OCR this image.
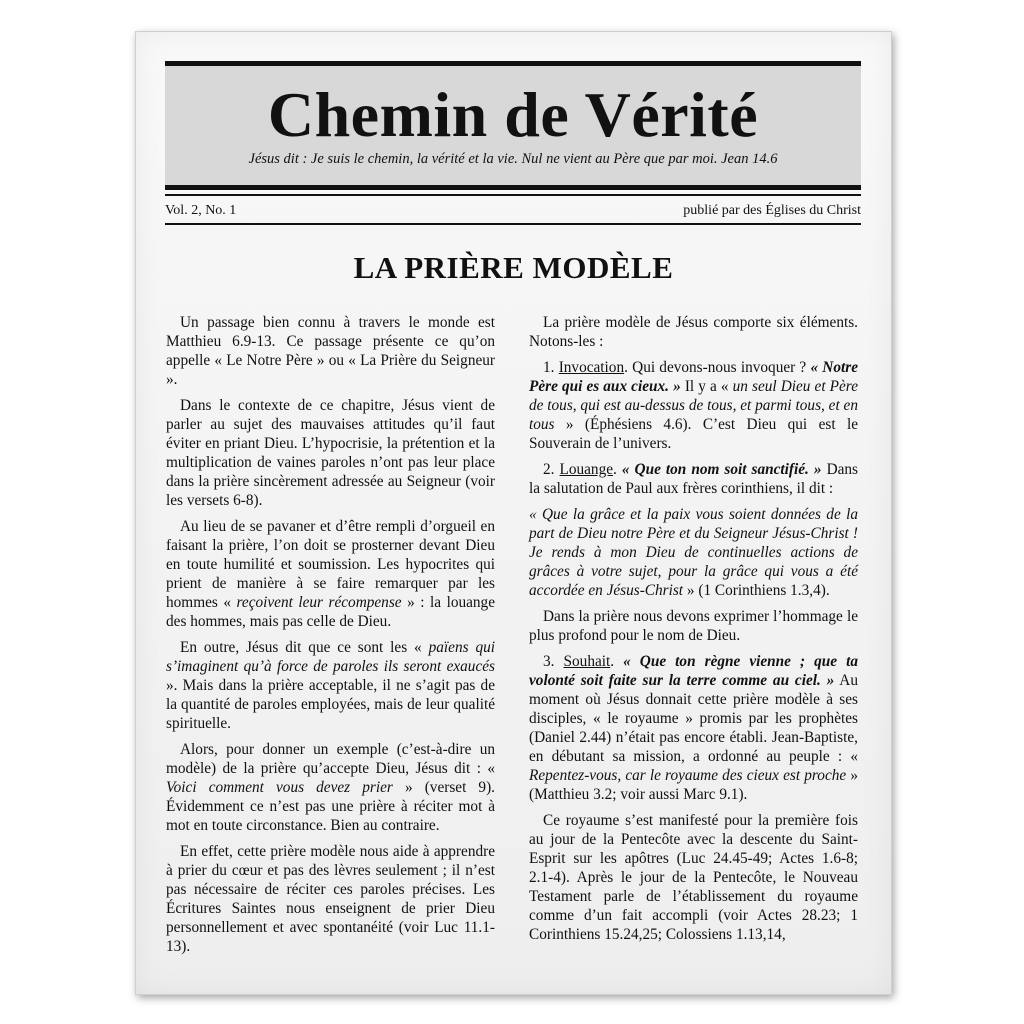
Chemin de Vérité
Jésus dit : Je suis le chemin, la vérité et la vie. Nul ne vient au Père que par moi. Jean 14.6
Vol. 2, No. 1	publié par des Églises du Christ
LA PRIÈRE MODÈLE

Un passage bien connu à travers le monde est Matthieu 6.9-13. Ce passage présente ce qu’on appelle « Le Notre Père » ou « La Prière du Seigneur ».

Dans le contexte de ce chapitre, Jésus vient de parler au sujet des mauvaises attitudes qu’il faut éviter en priant Dieu. L’hypocrisie, la prétention et la multiplication de vaines paroles n’ont pas leur place dans la prière sincèrement adressée au Seigneur (voir les versets 6-8).

Au lieu de se pavaner et d’être rempli d’orgueil en faisant la prière, l’on doit se prosterner devant Dieu en toute humilité et soumission. Les hypocrites qui prient de manière à se faire remarquer par les hommes « reçoivent leur récompense » : la louange des hommes, mais pas celle de Dieu.

En outre, Jésus dit que ce sont les « païens qui s’imaginent qu’à force de paroles ils seront exaucés ». Mais dans la prière acceptable, il ne s’agit pas de la quantité de paroles employées, mais de leur qualité spirituelle.

Alors, pour donner un exemple (c’est-à-dire un modèle) de la prière qu’accepte Dieu, Jésus dit : « Voici comment vous devez prier » (verset 9). Évidemment ce n’est pas une prière à réciter mot à mot en toute circonstance. Bien au contraire.

En effet, cette prière modèle nous aide à apprendre à prier du cœur et pas des lèvres seulement ; il n’est pas nécessaire de réciter ces paroles précises. Les Écritures Saintes nous enseignent de prier Dieu personnellement et avec spontanéité (voir Luc 11.1-13).

La prière modèle de Jésus comporte six éléments. Notons-les :

1. Invocation. Qui devons-nous invoquer ? « Notre Père qui es aux cieux. » Il y a « un seul Dieu et Père de tous, qui est au-dessus de tous, et parmi tous, et en tous » (Éphésiens 4.6). C’est Dieu qui est le Souverain de l’univers.

2. Louange. « Que ton nom soit sanctifié. » Dans la salutation de Paul aux frères corinthiens, il dit :

« Que la grâce et la paix vous soient données de la part de Dieu notre Père et du Seigneur Jésus-Christ ! Je rends à mon Dieu de continuelles actions de grâces à votre sujet, pour la grâce qui vous a été accordée en Jésus-Christ » (1 Corinthiens 1.3,4).

Dans la prière nous devons exprimer l’hommage le plus profond pour le nom de Dieu.

3. Souhait. « Que ton règne vienne ; que ta volonté soit faite sur la terre comme au ciel. » Au moment où Jésus donnait cette prière modèle à ses disciples, « le royaume » promis par les prophètes (Daniel 2.44) n’était pas encore établi. Jean-Baptiste, en débutant sa mission, a ordonné au peuple : « Repentez-vous, car le royaume des cieux est proche » (Matthieu 3.2; voir aussi Marc 9.1).

Ce royaume s’est manifesté pour la première fois au jour de la Pentecôte avec la descente du Saint-Esprit sur les apôtres (Luc 24.45-49; Actes 1.6-8; 2.1-4). Après le jour de la Pentecôte, le Nouveau Testament parle de l’établissement du royaume comme d’un fait accompli (voir Actes 28.23; 1 Corinthiens 15.24,25; Colossiens 1.13,14,
